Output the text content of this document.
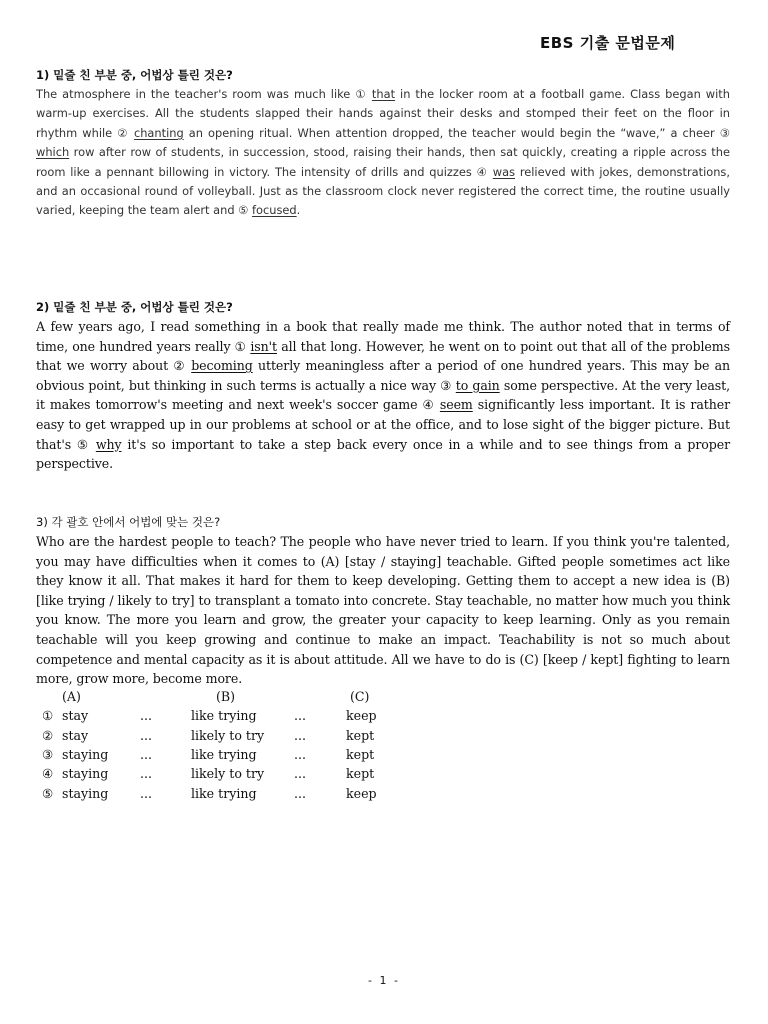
EBS 기출 문법문제
1) 밑줄 친 부분 중, 어법상 틀린 것은?

The atmosphere in the teacher's room was much like ① that in the locker room at a football game. Class began with warm-up exercises. All the students slapped their hands against their desks and stomped their feet on the floor in rhythm while ② chanting an opening ritual. When attention dropped, the teacher would begin the “wave,” a cheer ③ which row after row of students, in succession, stood, raising their hands, then sat quickly, creating a ripple across the room like a pennant billowing in victory. The intensity of drills and quizzes ④ was relieved with jokes, demonstrations, and an occasional round of volleyball. Just as the classroom clock never registered the correct time, the routine usually varied, keeping the team alert and ⑤ focused.

2) 밑줄 친 부분 중, 어법상 틀린 것은?

A few years ago, I read something in a book that really made me think. The author noted that in terms of time, one hundred years really ① isn't all that long. However, he went on to point out that all of the problems that we worry about ② becoming utterly meaningless after a period of one hundred years. This may be an obvious point, but thinking in such terms is actually a nice way ③ to gain some perspective. At the very least, it makes tomorrow's meeting and next week's soccer game ④ seem significantly less important. It is rather easy to get wrapped up in our problems at school or at the office, and to lose sight of the bigger picture. But that's ⑤ why it's so important to take a step back every once in a while and to see things from a proper perspective.

3) 각 괄호 안에서 어법에 맞는 것은?

Who are the hardest people to teach? The people who have never tried to learn. If you think you're talented, you may have difficulties when it comes to (A) [stay / staying] teachable. Gifted people sometimes act like they know it all. That makes it hard for them to keep developing. Getting them to accept a new idea is (B) [like trying / likely to try] to transplant a tomato into concrete. Stay teachable, no matter how much you think you know. The more you learn and grow, the greater your capacity to keep learning. Only as you remain teachable will you keep growing and continue to make an impact. Teachability is not so much about competence and mental capacity as it is about attitude. All we have to do is (C) [keep / kept] fighting to learn more, grow more, become more.

(A)	(B)	(C)
① stay	...	like trying	...	keep
② stay	...	likely to try ...	kept
③ staying	...	like trying	...	kept
④ staying	...	likely to try ...	kept
⑤ staying	...	like trying	...	keep
- 1 -
